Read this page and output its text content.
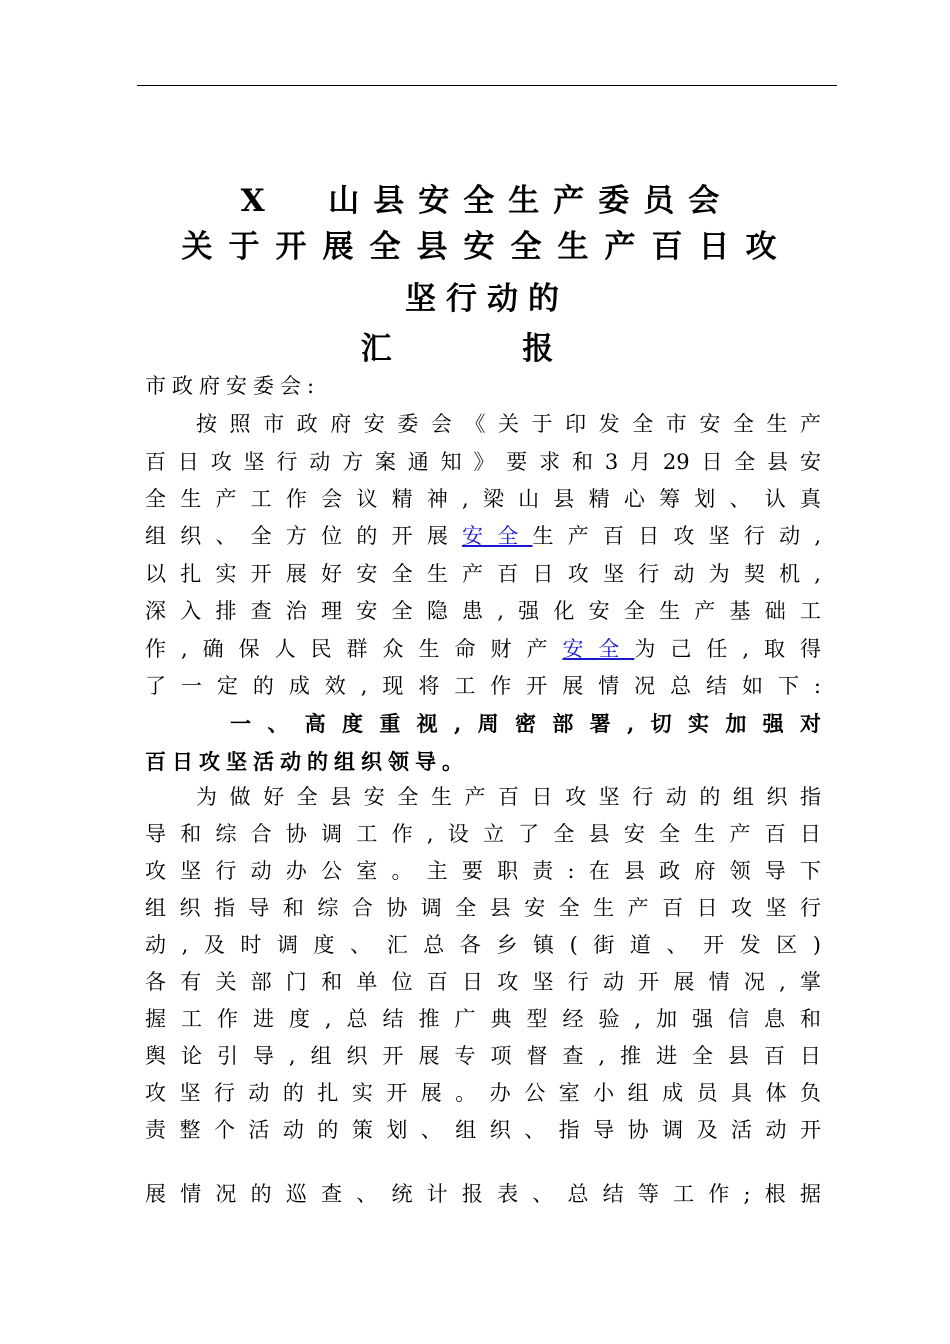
X  山县安全生产委员会
关于开展全县安全生产百日攻
坚行动的
汇 报
市政府安委会:
按照市政府安委会《关于印发全市安全生产
百日攻坚行动方案通知》要求和3月29日全县安
全生产工作会议精神,梁山县精心筹划、认真
组织、全方位的开展安全生产百日攻坚行动,
以扎实开展好安全生产百日攻坚行动为契机,
深入排查治理安全隐患,强化安全生产基础工
作,确保人民群众生命财产安全为己任,取得
了一定的成效,现将工作开展情况总结如下:
一、高度重视,周密部署,切实加强对
百日攻坚活动的组织领导。
为做好全县安全生产百日攻坚行动的组织指
导和综合协调工作,设立了全县安全生产百日
攻坚行动办公室。主要职责:在县政府领导下
组织指导和综合协调全县安全生产百日攻坚行
动,及时调度、汇总各乡镇(街道、开发区)
各有关部门和单位百日攻坚行动开展情况,掌
握工作进度,总结推广典型经验,加强信息和
舆论引导,组织开展专项督查,推进全县百日
攻坚行动的扎实开展。办公室小组成员具体负
责整个活动的策划、组织、指导协调及活动开
展情况的巡查、统计报表、总结等工作;根据
